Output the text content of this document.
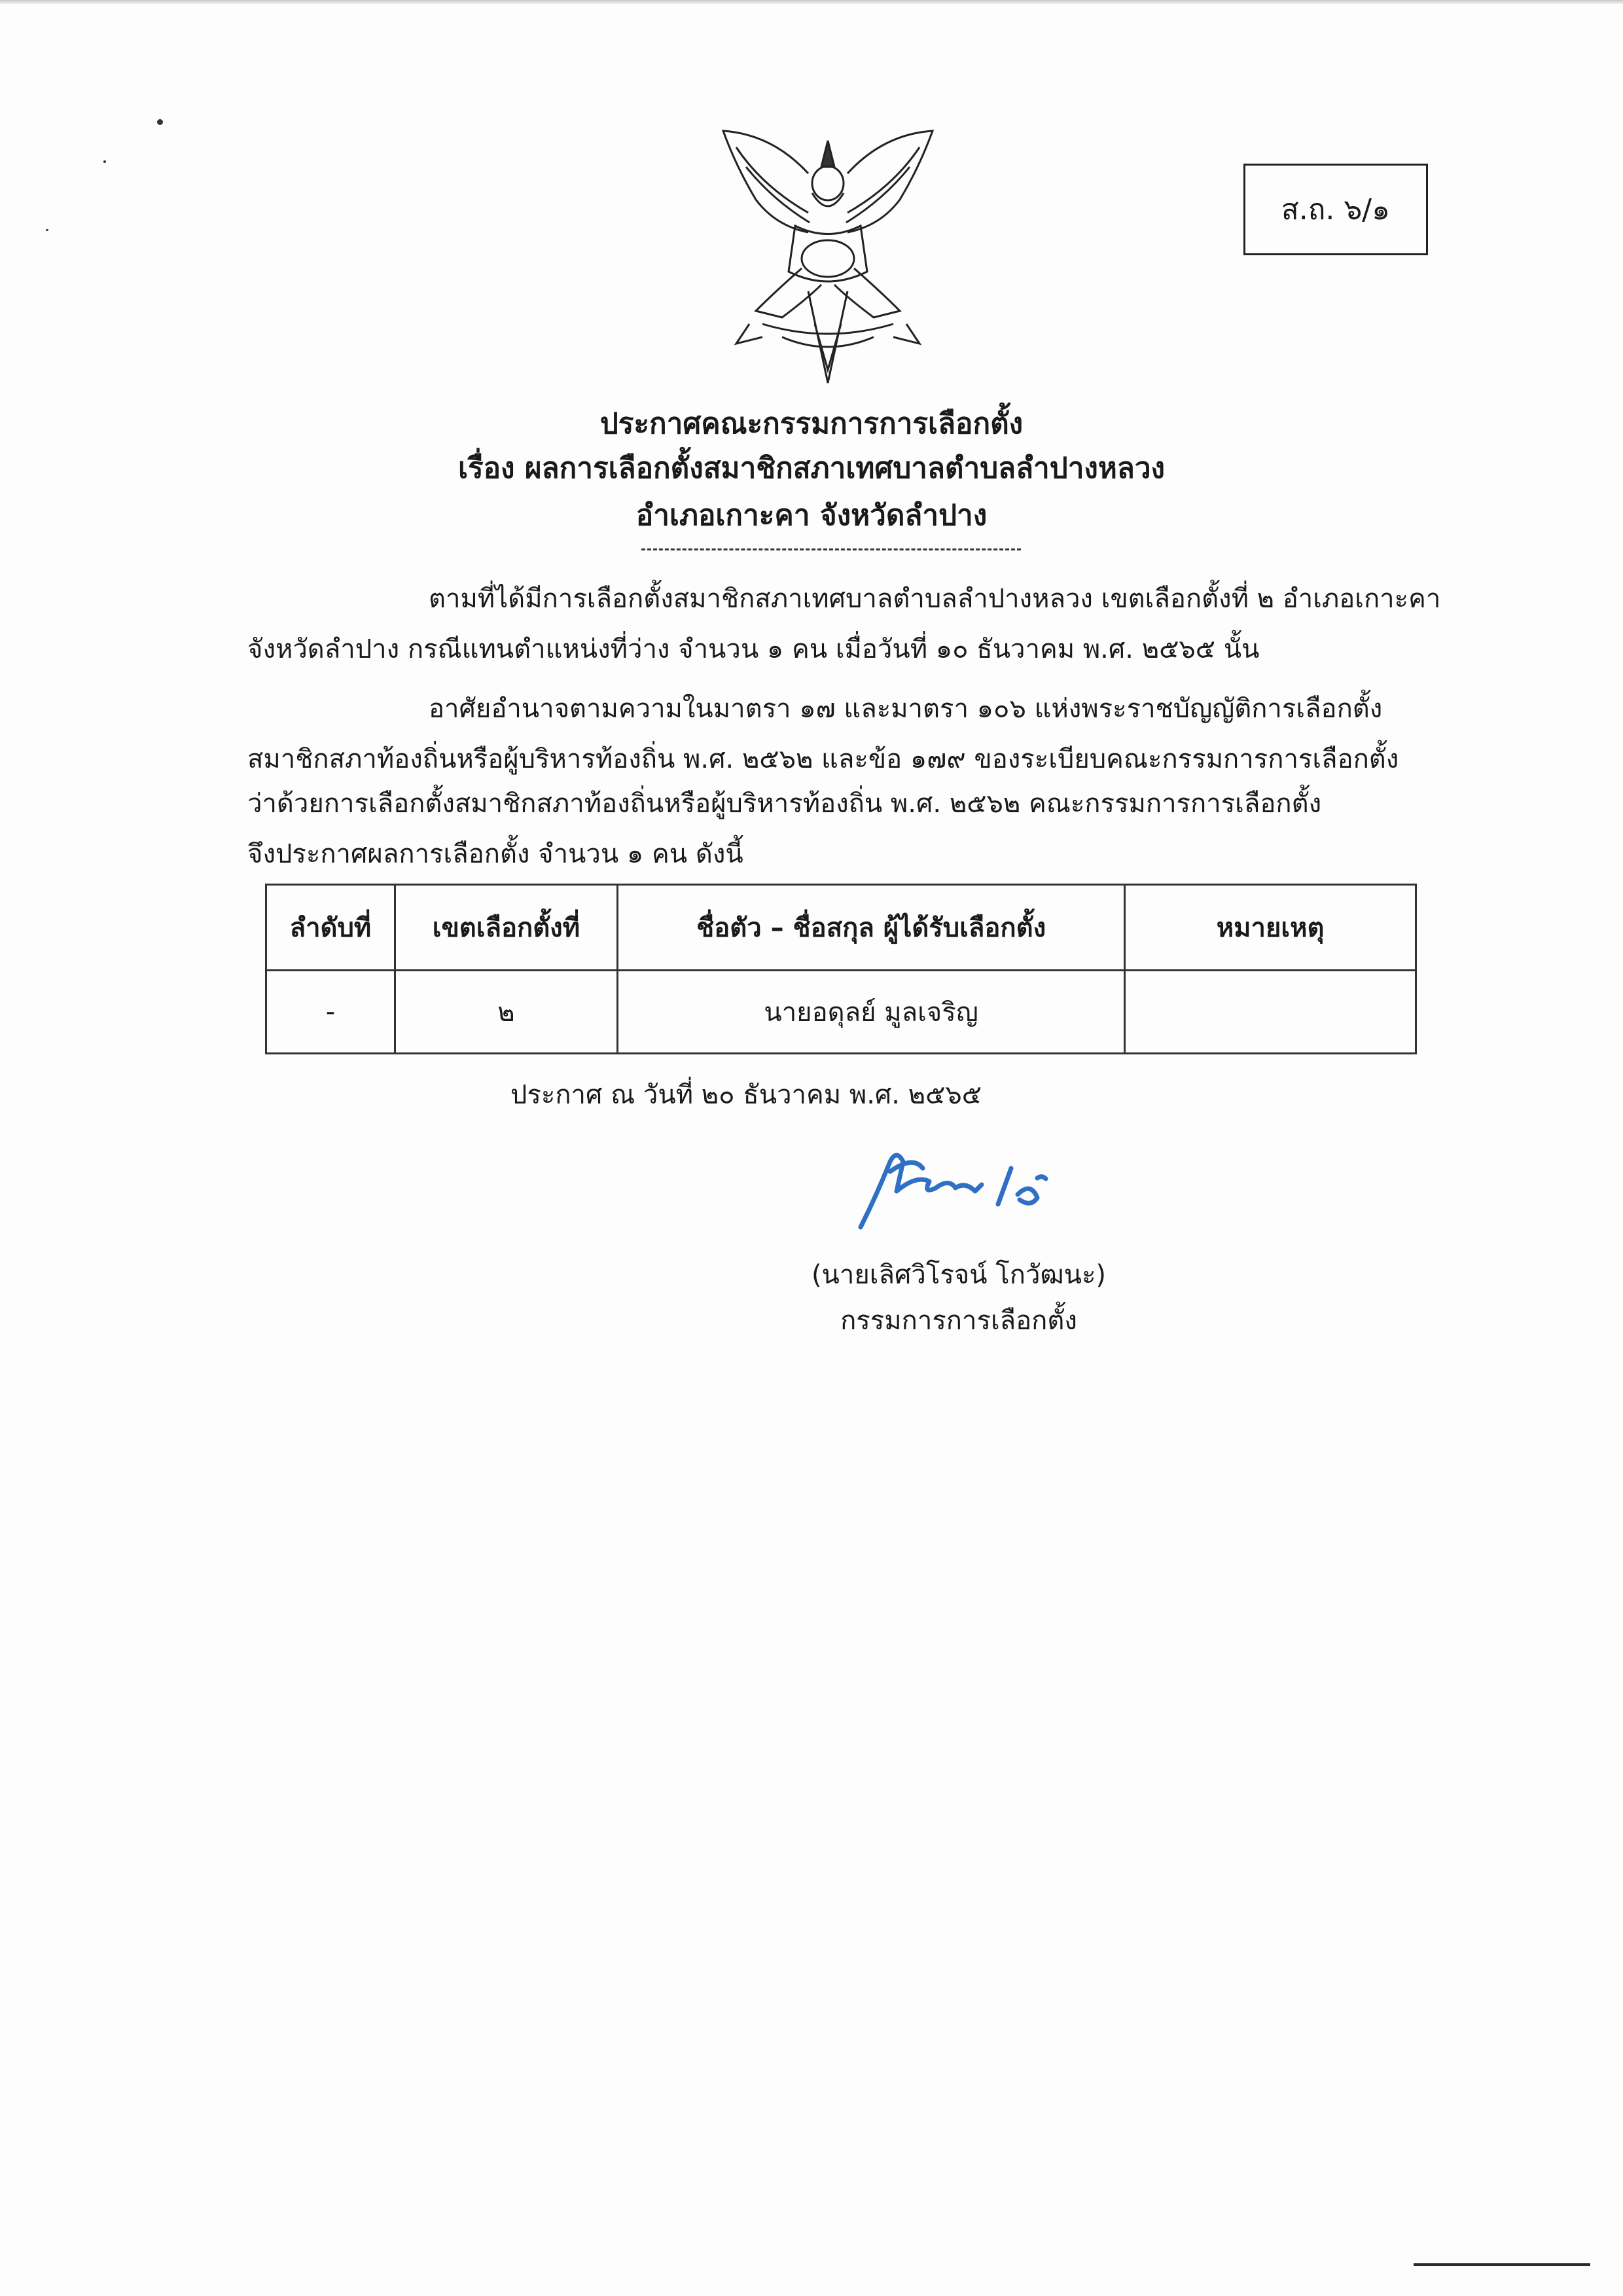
ส.ถ. ๖/๑
ประกาศคณะกรรมการการเลือกตั้ง
เรื่อง ผลการเลือกตั้งสมาชิกสภาเทศบาลตำบลลำปางหลวง
อำเภอเกาะคา จังหวัดลำปาง
ตามที่ได้มีการเลือกตั้งสมาชิกสภาเทศบาลตำบลลำปางหลวง เขตเลือกตั้งที่ ๒ อำเภอเกาะคา
จังหวัดลำปาง กรณีแทนตำแหน่งที่ว่าง จำนวน ๑ คน เมื่อวันที่ ๑๐ ธันวาคม พ.ศ. ๒๕๖๕ นั้น
อาศัยอำนาจตามความในมาตรา ๑๗ และมาตรา ๑๐๖ แห่งพระราชบัญญัติการเลือกตั้ง
สมาชิกสภาท้องถิ่นหรือผู้บริหารท้องถิ่น พ.ศ. ๒๕๖๒ และข้อ ๑๗๙ ของระเบียบคณะกรรมการการเลือกตั้ง
ว่าด้วยการเลือกตั้งสมาชิกสภาท้องถิ่นหรือผู้บริหารท้องถิ่น พ.ศ. ๒๕๖๒ คณะกรรมการการเลือกตั้ง
จึงประกาศผลการเลือกตั้ง จำนวน ๑ คน ดังนี้
ลำดับที่	เขตเลือกตั้งที่	ชื่อตัว – ชื่อสกุล ผู้ได้รับเลือกตั้ง	หมายเหตุ
-	๒	นายอดุลย์ มูลเจริญ	
ประกาศ ณ วันที่ ๒๐ ธันวาคม พ.ศ. ๒๕๖๕
(นายเลิศวิโรจน์ โกวัฒนะ)
กรรมการการเลือกตั้ง
